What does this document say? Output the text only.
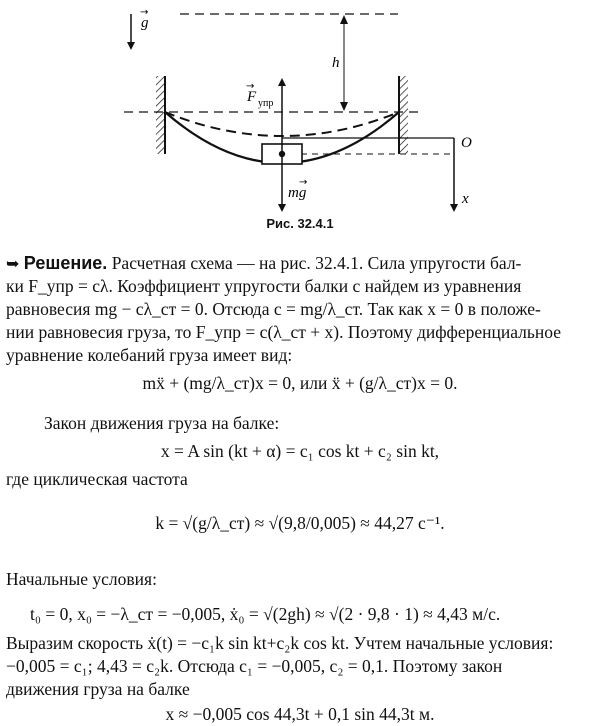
g
→
h
F
→
упр
mg
→
O
x
Рис. 32.4.1
➥ Решение. Расчетная схема — на рис. 32.4.1. Сила упругости бал-
ки F_упр = cλ. Коэффициент упругости балки c найдем из уравнения
равновесия mg − cλ_ст = 0. Отсюда c = mg/λ_ст. Так как x = 0 в положе-
нии равновесия груза, то F_упр = c(λ_ст + x). Поэтому дифференциальное
уравнение колебаний груза имеет вид:
mẍ + (mg/λ_ст)x = 0, или ẍ + (g/λ_ст)x = 0.
Закон движения груза на балке:
x = A sin (kt + α) = c₁ cos kt + c₂ sin kt,
где циклическая частота
k = √(g/λ_ст) ≈ √(9,8/0,005) ≈ 44,27 c⁻¹.
Начальные условия:
t₀ = 0, x₀ = −λ_ст = −0,005, ẋ₀ = √(2gh) ≈ √(2 · 9,8 · 1) ≈ 4,43 м/с.
Выразим скорость ẋ(t) = −c₁k sin kt+c₂k cos kt. Учтем начальные условия:
−0,005 = c₁; 4,43 = c₂k. Отсюда c₁ = −0,005, c₂ = 0,1. Поэтому закон
движения груза на балке
x ≈ −0,005 cos 44,3t + 0,1 sin 44,3t м.
